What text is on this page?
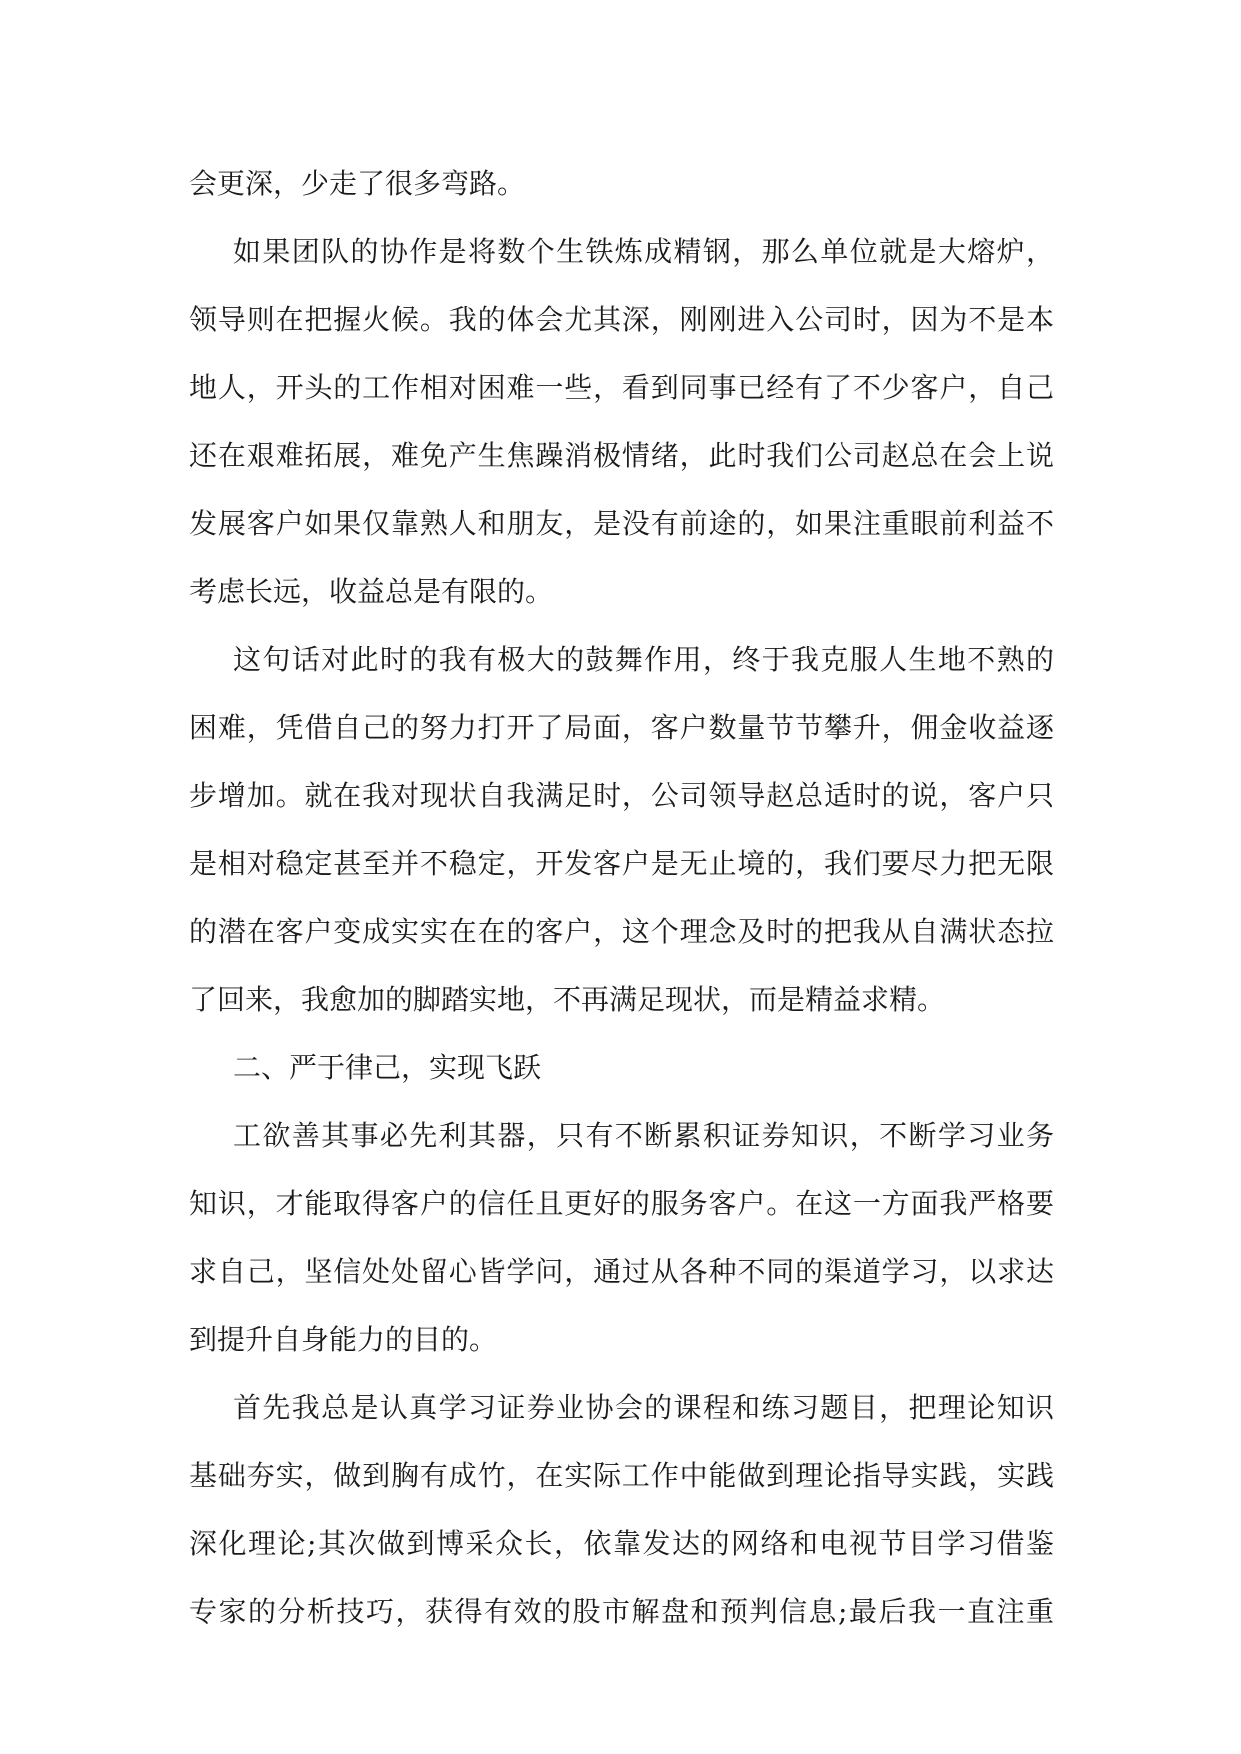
会更深，少走了很多弯路。
如果团队的协作是将数个生铁炼成精钢，那么单位就是大熔炉，
领导则在把握火候。我的体会尤其深，刚刚进入公司时，因为不是本
地人，开头的工作相对困难一些，看到同事已经有了不少客户，自己
还在艰难拓展，难免产生焦躁消极情绪，此时我们公司赵总在会上说
发展客户如果仅靠熟人和朋友，是没有前途的，如果注重眼前利益不
考虑长远，收益总是有限的。
这句话对此时的我有极大的鼓舞作用，终于我克服人生地不熟的
困难，凭借自己的努力打开了局面，客户数量节节攀升，佣金收益逐
步增加。就在我对现状自我满足时，公司领导赵总适时的说，客户只
是相对稳定甚至并不稳定，开发客户是无止境的，我们要尽力把无限
的潜在客户变成实实在在的客户，这个理念及时的把我从自满状态拉
了回来，我愈加的脚踏实地，不再满足现状，而是精益求精。
二、严于律己，实现飞跃
工欲善其事必先利其器，只有不断累积证券知识，不断学习业务
知识，才能取得客户的信任且更好的服务客户。在这一方面我严格要
求自己，坚信处处留心皆学问，通过从各种不同的渠道学习，以求达
到提升自身能力的目的。
首先我总是认真学习证券业协会的课程和练习题目，把理论知识
基础夯实，做到胸有成竹，在实际工作中能做到理论指导实践，实践
深化理论;其次做到博采众长，依靠发达的网络和电视节目学习借鉴
专家的分析技巧，获得有效的股市解盘和预判信息;最后我一直注重
